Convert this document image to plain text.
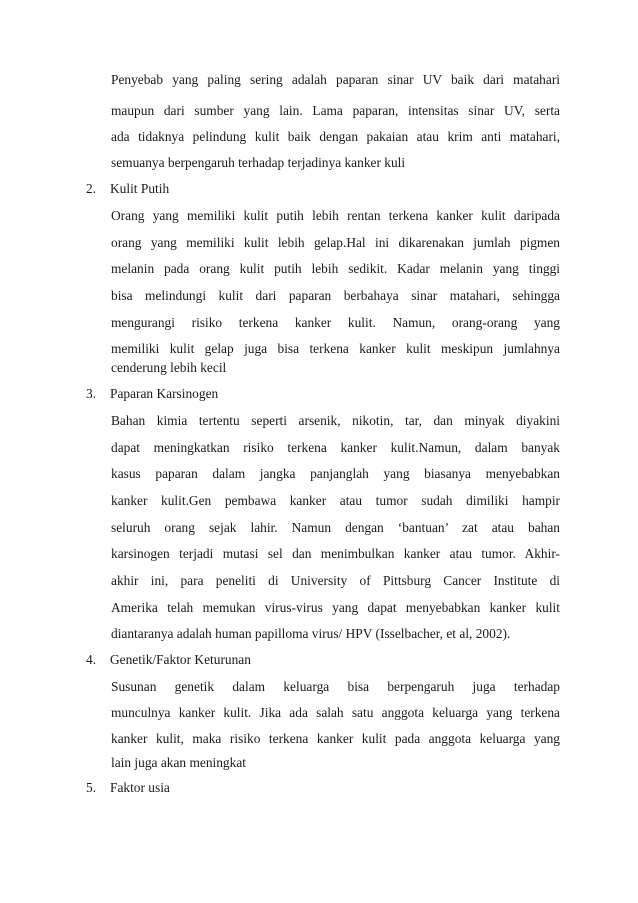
Penyebab yang paling sering adalah paparan sinar UV baik dari matahari
maupun dari sumber yang lain. Lama paparan, intensitas sinar UV, serta
ada tidaknya pelindung kulit baik dengan pakaian atau krim anti matahari,
semuanya berpengaruh terhadap terjadinya kanker kuli
2. Kulit Putih
Orang yang memiliki kulit putih lebih rentan terkena kanker kulit daripada
orang yang memiliki kulit lebih gelap.Hal ini dikarenakan jumlah pigmen
melanin pada orang kulit putih lebih sedikit. Kadar melanin yang tinggi
bisa melindungi kulit dari paparan berbahaya sinar matahari, sehingga
mengurangi risiko terkena kanker kulit. Namun, orang-orang yang
memiliki kulit gelap juga bisa terkena kanker kulit meskipun jumlahnya
cenderung lebih kecil
3. Paparan Karsinogen
Bahan kimia tertentu seperti arsenik, nikotin, tar, dan minyak diyakini
dapat meningkatkan risiko terkena kanker kulit.Namun, dalam banyak
kasus paparan dalam jangka panjanglah yang biasanya menyebabkan
kanker kulit.Gen pembawa kanker atau tumor sudah dimiliki hampir
seluruh orang sejak lahir. Namun dengan ‘bantuan’ zat atau bahan
karsinogen terjadi mutasi sel dan menimbulkan kanker atau tumor. Akhir-
akhir ini, para peneliti di University of Pittsburg Cancer Institute di
Amerika telah memukan virus-virus yang dapat menyebabkan kanker kulit
diantaranya adalah human papilloma virus/ HPV (Isselbacher, et al, 2002).
4. Genetik/Faktor Keturunan
Susunan genetik dalam keluarga bisa berpengaruh juga terhadap
munculnya kanker kulit. Jika ada salah satu anggota keluarga yang terkena
kanker kulit, maka risiko terkena kanker kulit pada anggota keluarga yang
lain juga akan meningkat
5. Faktor usia
